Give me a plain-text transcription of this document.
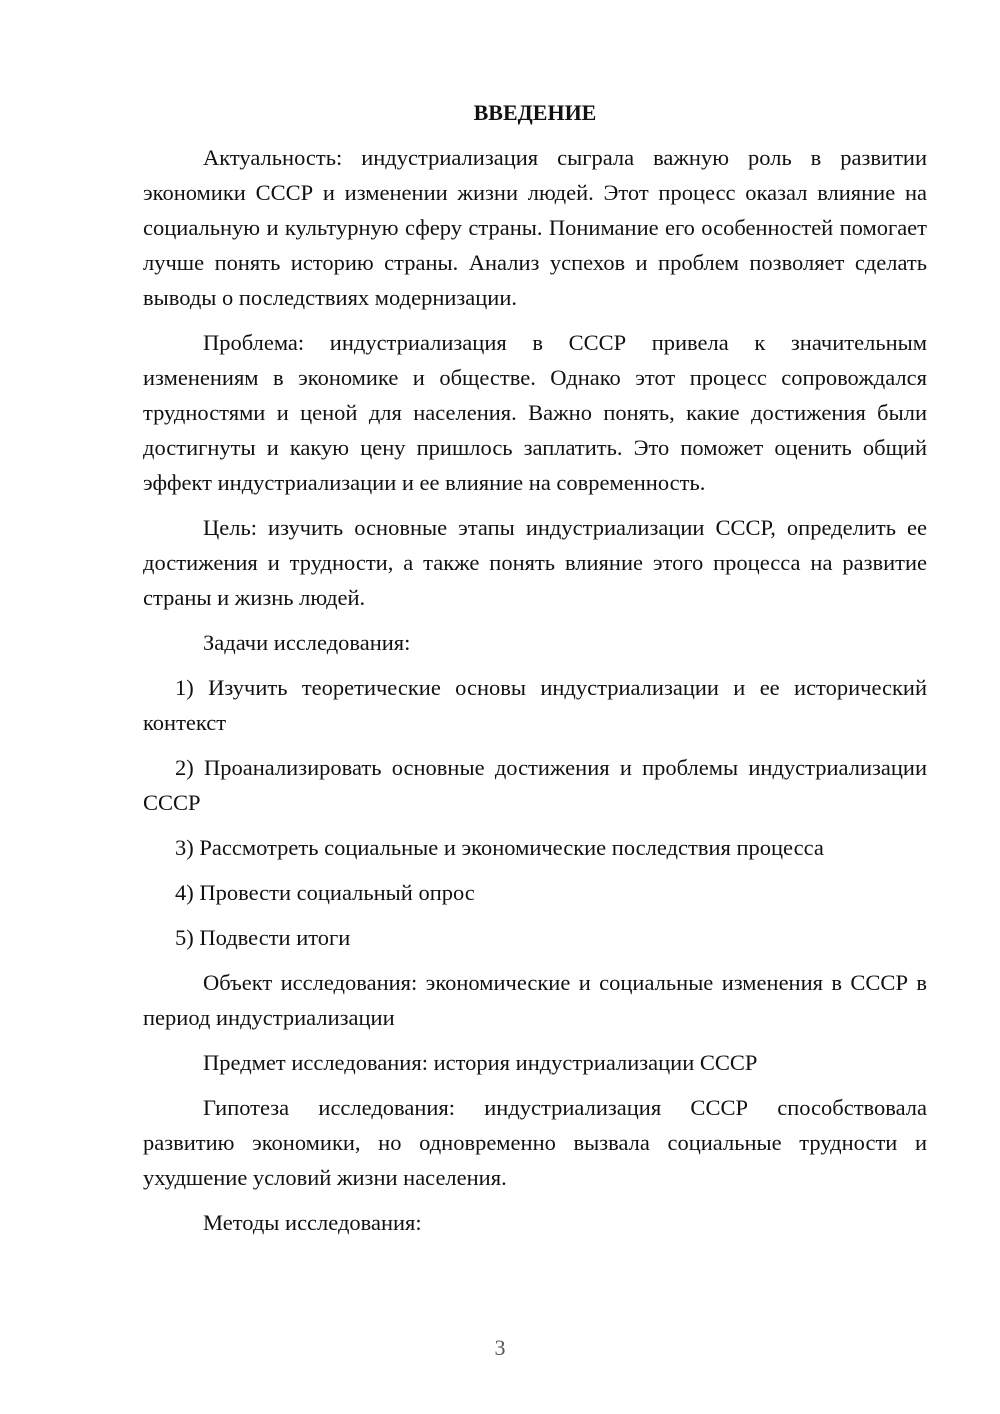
ВВЕДЕНИЕ

Актуальность: индустриализация сыграла важную роль в развитии экономики СССР и изменении жизни людей. Этот процесс оказал влияние на социальную и культурную сферу страны. Понимание его особенностей помогает лучше понять историю страны. Анализ успехов и проблем позволяет сделать выводы о последствиях модернизации.

Проблема: индустриализация в СССР привела к значительным изменениям в экономике и обществе. Однако этот процесс сопровождался трудностями и ценой для населения. Важно понять, какие достижения были достигнуты и какую цену пришлось заплатить. Это поможет оценить общий эффект индустриализации и ее влияние на современность.

Цель: изучить основные этапы индустриализации СССР, определить ее достижения и трудности, а также понять влияние этого процесса на развитие страны и жизнь людей.

Задачи исследования:

1) Изучить теоретические основы индустриализации и ее исторический контекст

2) Проанализировать основные достижения и проблемы индустриализации СССР

3) Рассмотреть социальные и экономические последствия процесса

4) Провести социальный опрос

5) Подвести итоги

Объект исследования: экономические и социальные изменения в СССР в период индустриализации

Предмет исследования: история индустриализации СССР

Гипотеза исследования: индустриализация СССР способствовала развитию экономики, но одновременно вызвала социальные трудности и ухудшение условий жизни населения.

Методы исследования:

3
